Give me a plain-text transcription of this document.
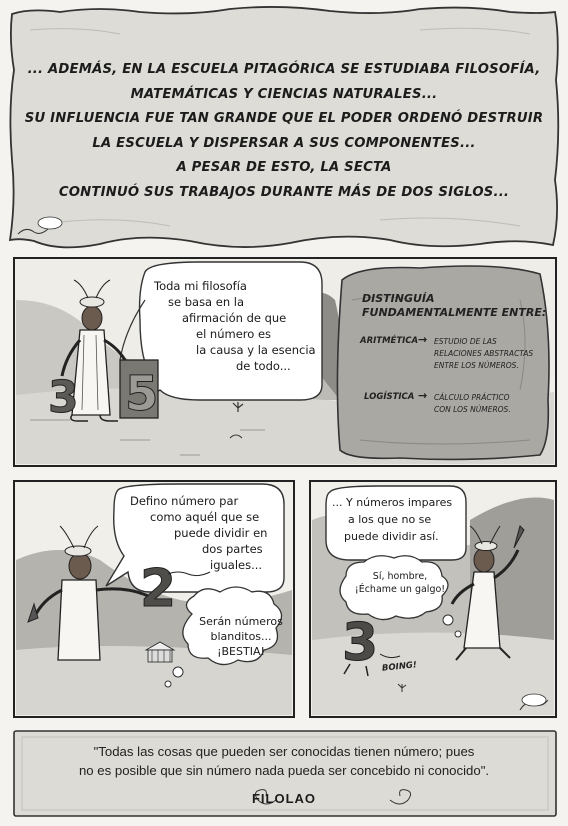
3 5
2
3
... ADEMÁS, EN LA ESCUELA PITAGÓRICA SE ESTUDIABA FILOSOFÍA,
MATEMÁTICAS Y CIENCIAS NATURALES...
SU INFLUENCIA FUE TAN GRANDE QUE EL PODER ORDENÓ DESTRUIR
LA ESCUELA Y DISPERSAR A SUS COMPONENTES...
A PESAR DE ESTO, LA SECTA
CONTINUÓ SUS TRABAJOS DURANTE MÁS DE DOS SIGLOS...
Toda mi filosofía
se basa en la
afirmación de que
el número es
la causa y la esencia
de todo...
DISTINGUÍA
FUNDAMENTALMENTE ENTRE:
ARITMÉTICA → ESTUDIO DE LAS
RELACIONES ABSTRACTAS
ENTRE LOS NÚMEROS.
LOGÍSTICA → CÁLCULO PRÁCTICO
CON LOS NÚMEROS.
Defino número par
como aquél que se
puede dividir en
dos partes
iguales...
Serán números
blanditos...
¡BESTIA!
... Y números impares
a los que no se
puede dividir así.
Sí, hombre,
¡Échame un galgo!
BOING!
"Todas las cosas que pueden ser conocidas tienen número; pues
no es posible que sin número nada pueda ser concebido ni conocido".
FILOLAO
